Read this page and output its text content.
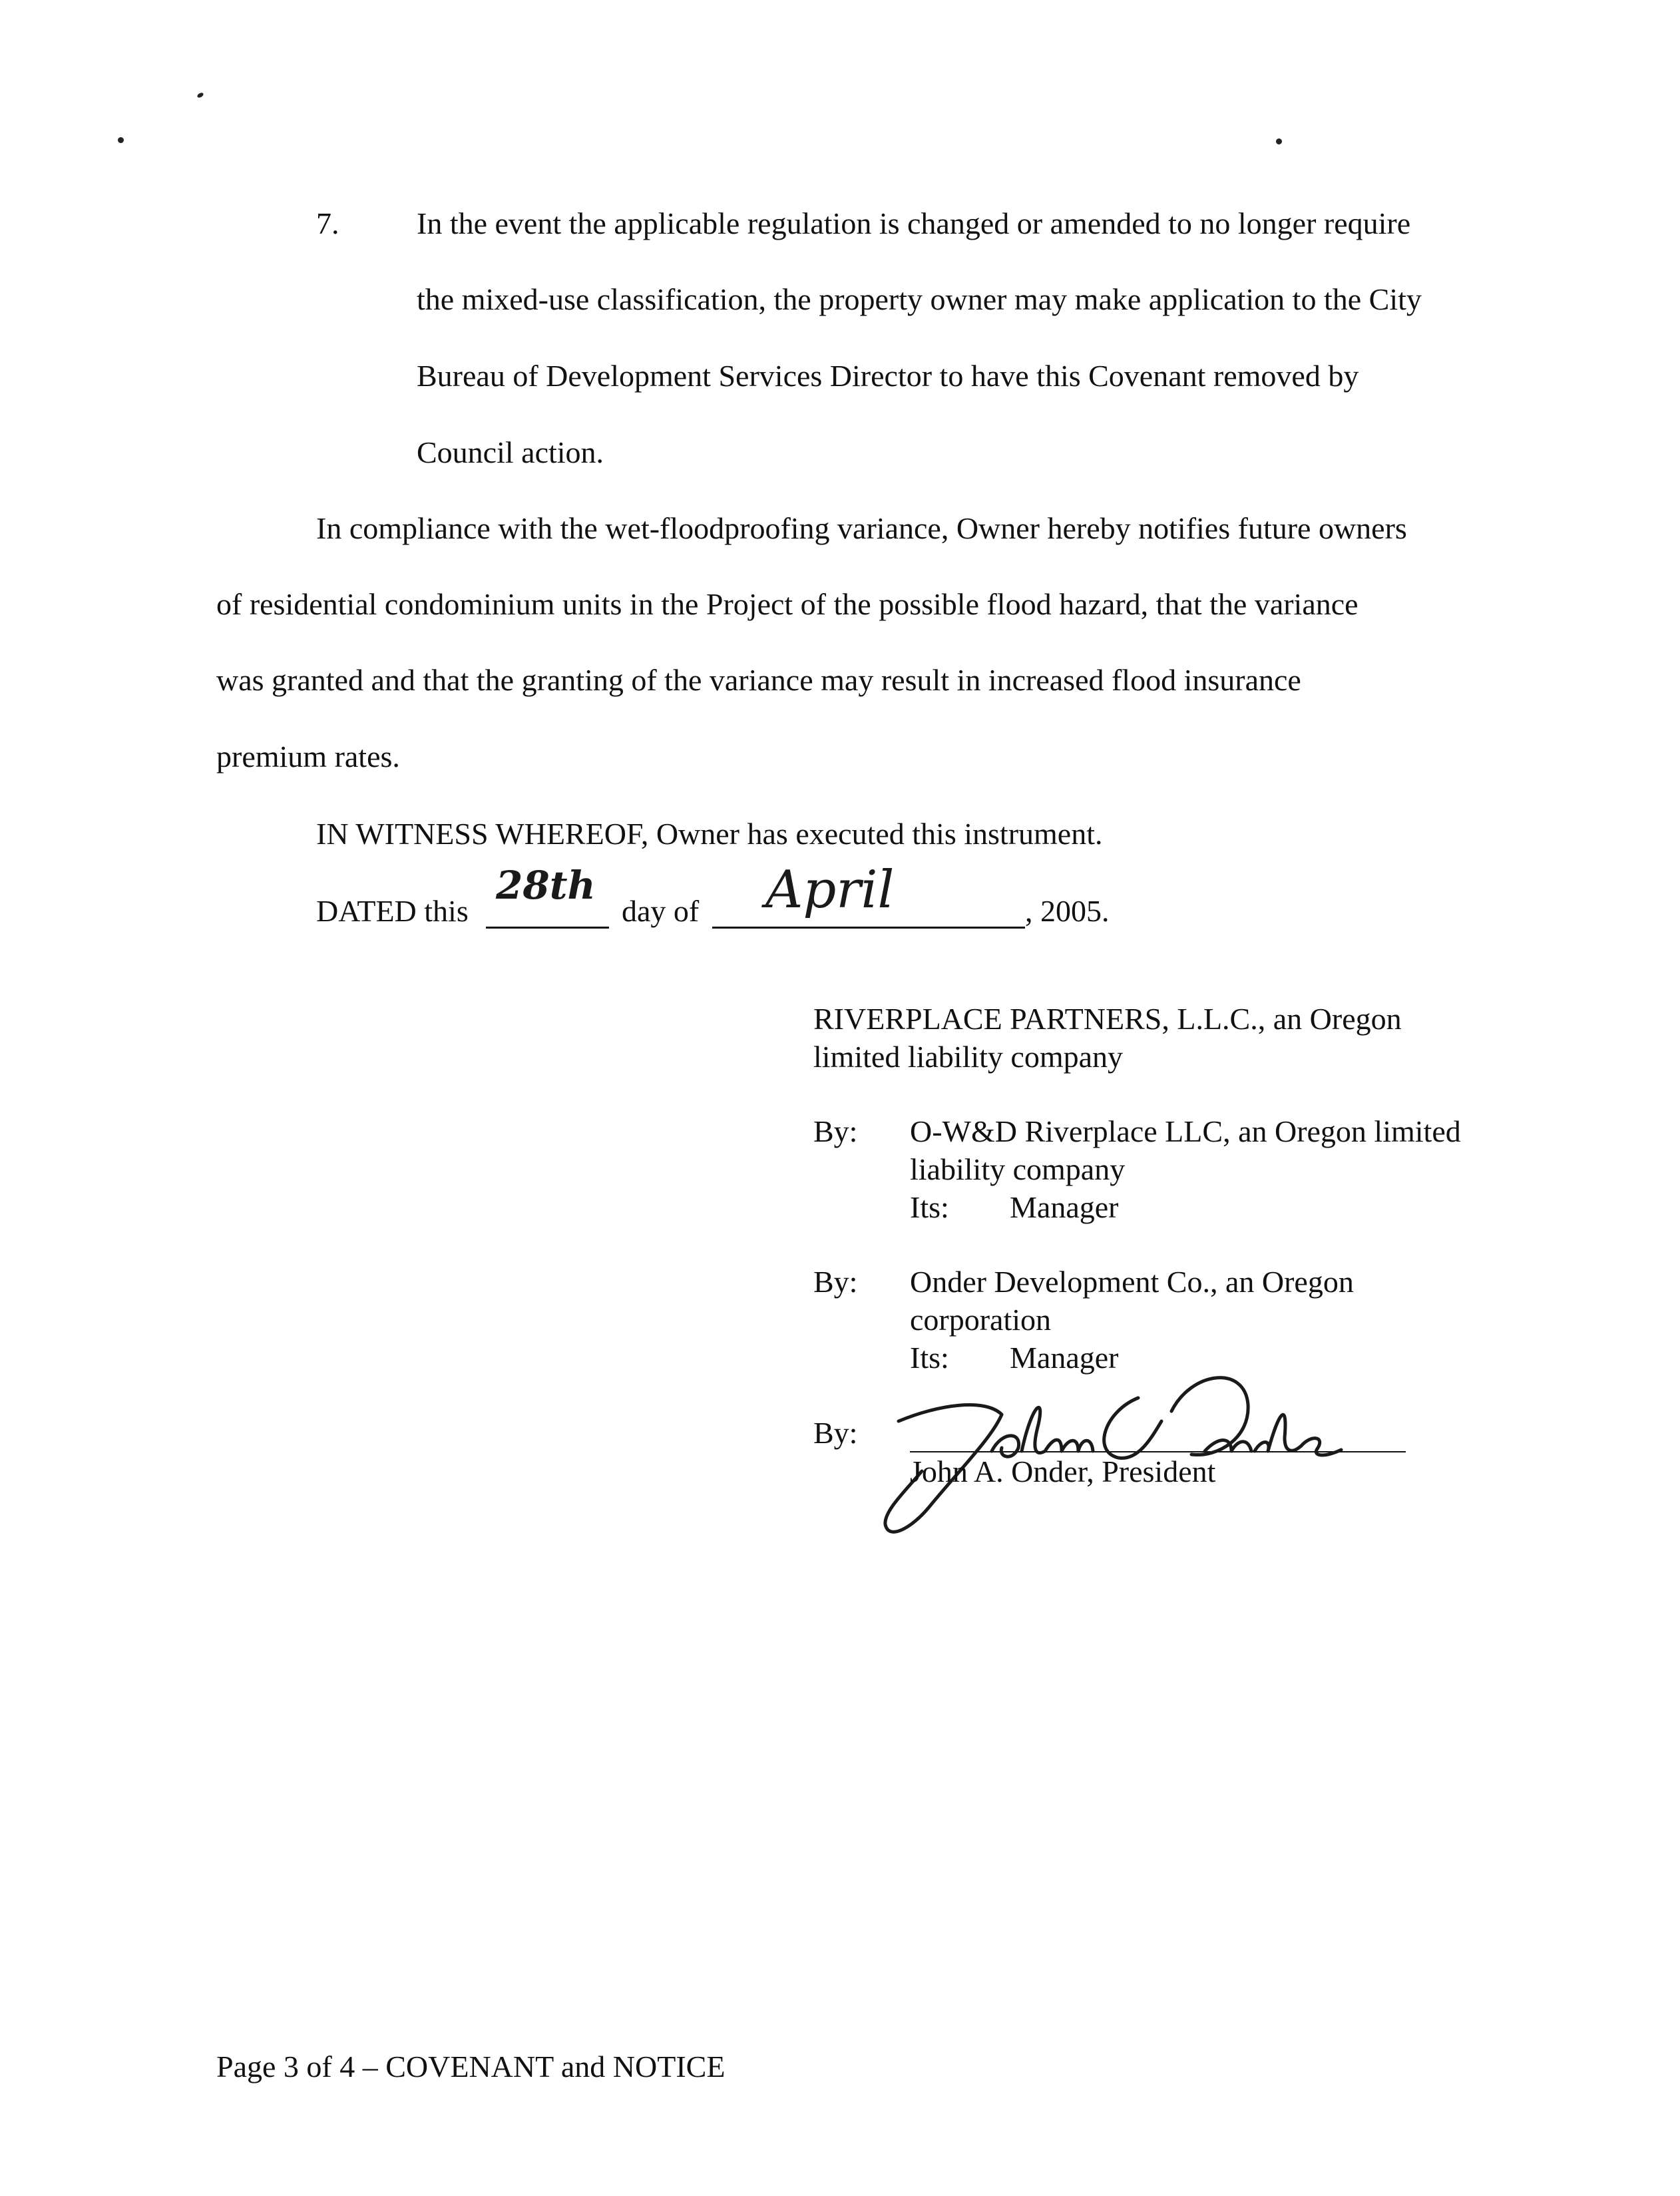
7.	In the event the applicable regulation is changed or amended to no longer require
the mixed-use classification, the property owner may make application to the City
Bureau of Development Services Director to have this Covenant removed by
Council action.
In compliance with the wet-floodproofing variance, Owner hereby notifies future owners
of residential condominium units in the Project of the possible flood hazard, that the variance
was granted and that the granting of the variance may result in increased flood insurance
premium rates.
IN WITNESS WHEREOF, Owner has executed this instrument.
DATED this
28th
day of April	, 2005.
RIVERPLACE PARTNERS, L.L.C., an Oregon
limited liability company
By: O-W&D Riverplace LLC, an Oregon limited
liability company
Its: Manager
By: Onder Development Co., an Oregon
corporation
Its: Manager
By:
John A. Onder, President
Page 3 of 4 – COVENANT and NOTICE
